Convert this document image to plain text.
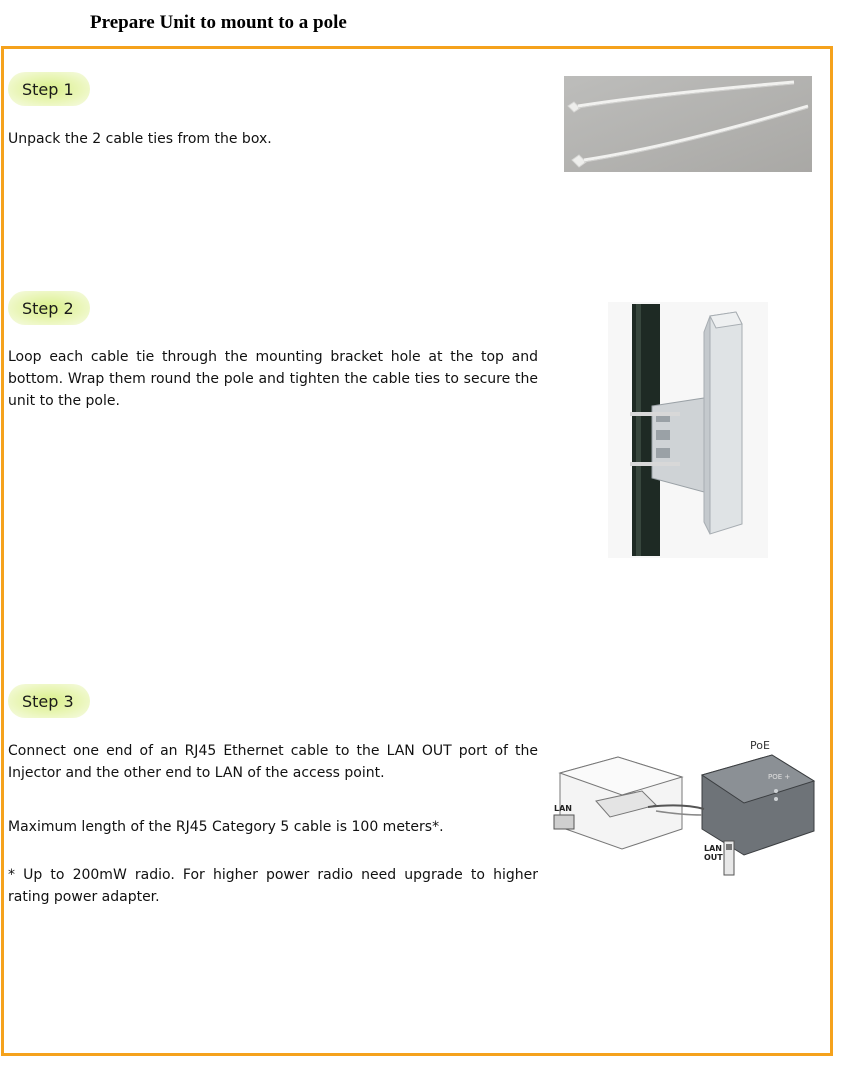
Prepare Unit to mount to a pole
Step 1

Unpack the 2 cable ties from the box.

Step 2

Loop each cable tie through the mounting bracket hole at the top and bottom. Wrap them round the pole and tighten the cable ties to secure the unit to the pole.

Step 3

Connect one end of an RJ45 Ethernet cable to the LAN OUT port of the Injector and the other end to LAN of the access point.

Maximum length of the RJ45 Category 5 cable is 100 meters*.

* Up to 200mW radio. For higher power radio need upgrade to higher rating power adapter.

PoE
POE +
LAN
LAN
OUT
